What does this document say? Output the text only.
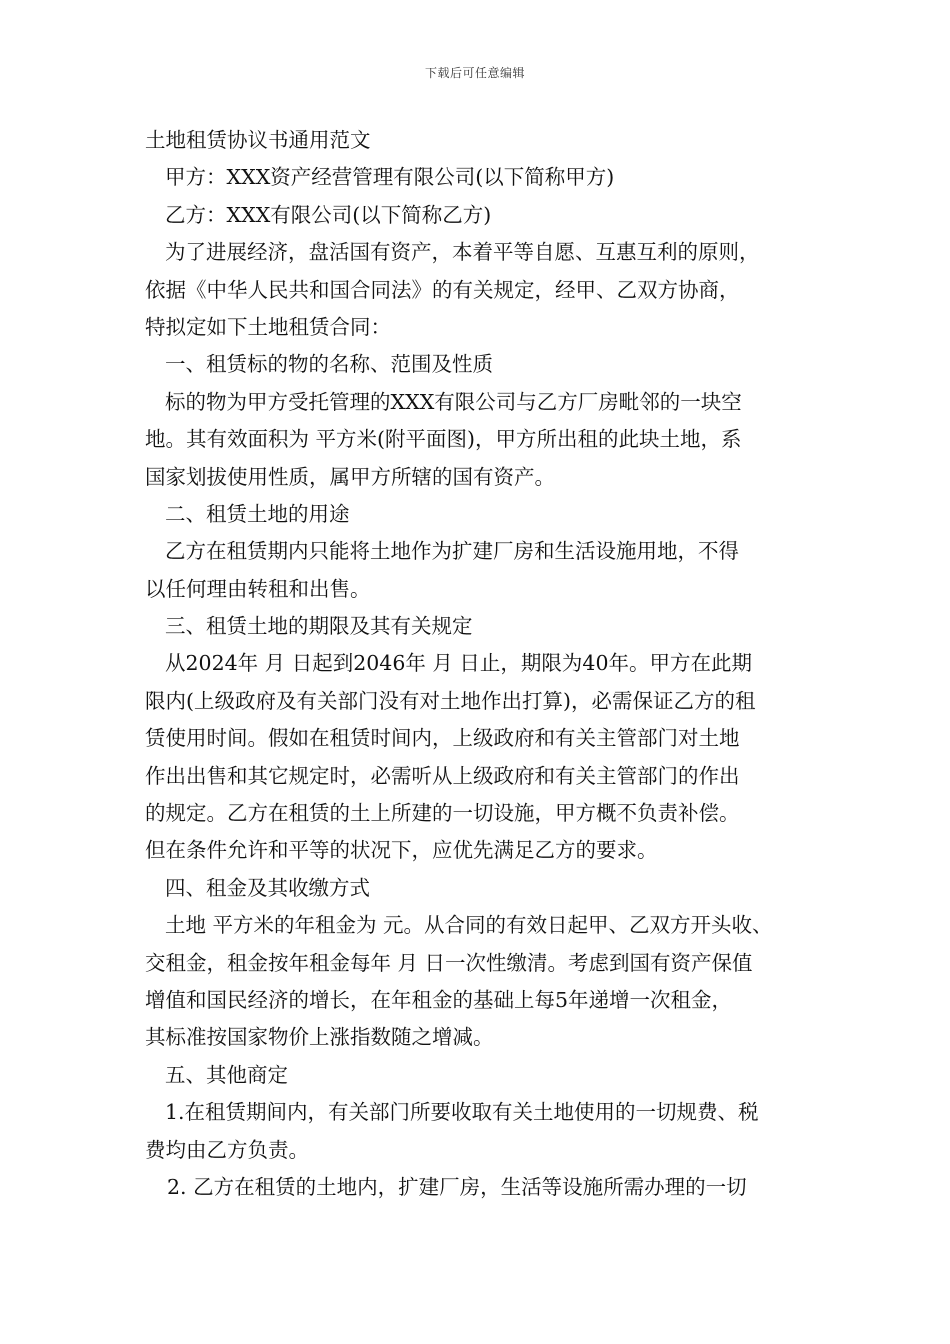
下载后可任意编辑
土地租赁协议书通用范文
甲方：XXX资产经营管理有限公司(以下简称甲方)
乙方：XXX有限公司(以下简称乙方)
为了进展经济，盘活国有资产，本着平等自愿、互惠互利的原则，
依据《中华人民共和国合同法》的有关规定，经甲、乙双方协商，
特拟定如下土地租赁合同：
一、租赁标的物的名称、范围及性质
标的物为甲方受托管理的XXX有限公司与乙方厂房毗邻的一块空
地。其有效面积为 平方米(附平面图)，甲方所出租的此块土地，系
国家划拔使用性质，属甲方所辖的国有资产。
二、租赁土地的用途
乙方在租赁期内只能将土地作为扩建厂房和生活设施用地，不得
以任何理由转租和出售。
三、租赁土地的期限及其有关规定
从2024年 月 日起到2046年 月 日止，期限为40年。甲方在此期
限内(上级政府及有关部门没有对土地作出打算)，必需保证乙方的租
赁使用时间。假如在租赁时间内，上级政府和有关主管部门对土地
作出出售和其它规定时，必需听从上级政府和有关主管部门的作出
的规定。乙方在租赁的土上所建的一切设施，甲方概不负责补偿。
但在条件允许和平等的状况下，应优先满足乙方的要求。
四、租金及其收缴方式
土地 平方米的年租金为 元。从合同的有效日起甲、乙双方开头收、
交租金，租金按年租金每年 月 日一次性缴清。考虑到国有资产保值
增值和国民经济的增长，在年租金的基础上每5年递增一次租金，
其标准按国家物价上涨指数随之增减。
五、其他商定
1.在租赁期间内，有关部门所要收取有关土地使用的一切规费、税
费均由乙方负责。
2. 乙方在租赁的土地内，扩建厂房，生活等设施所需办理的一切
